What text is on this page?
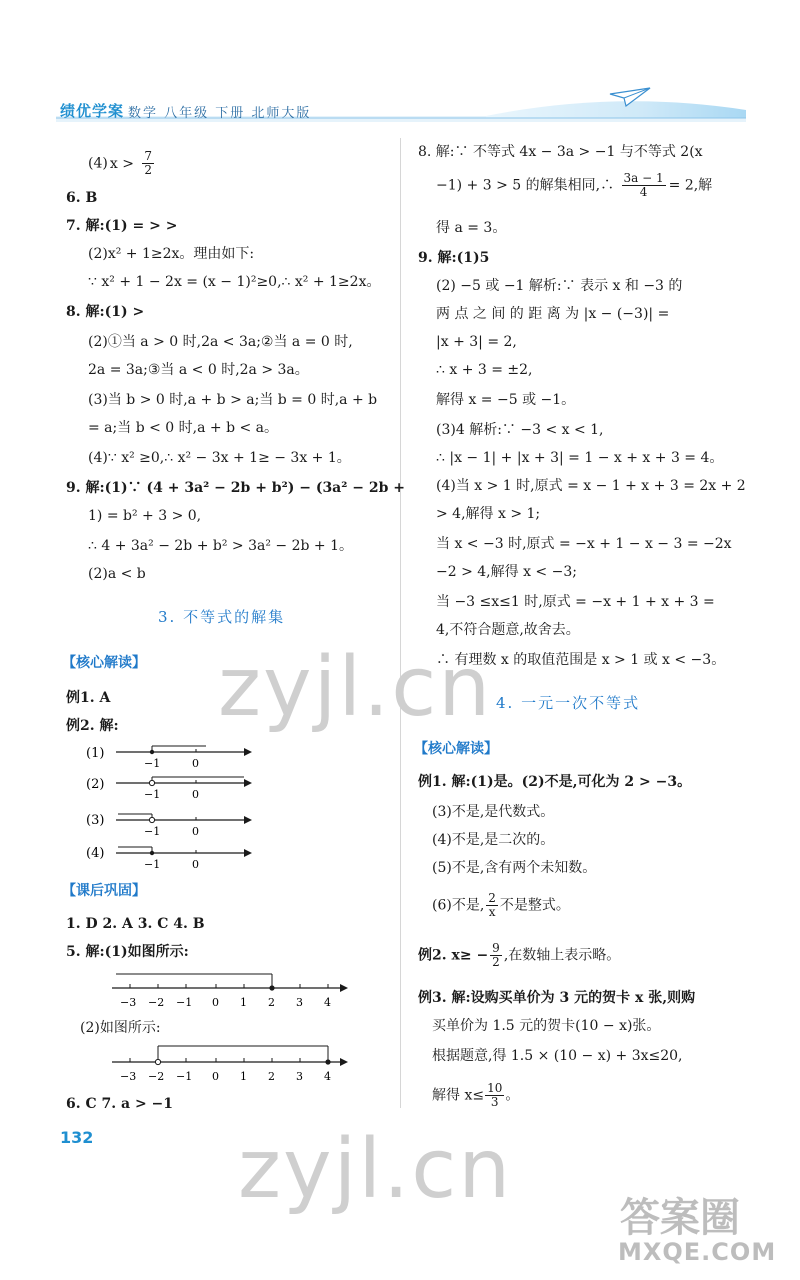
绩优学案 数学 八年级 下册 北师大版
(4) $x > \frac{7}{2}$
6. B
7. 解:(1) = > >
(2)x² + 1≥2x。理由如下:
∵ x² + 1 − 2x = (x − 1)²≥0,∴ x² + 1≥2x。
8. 解:(1) >
(2)①当 a > 0 时,2a < 3a;②当 a = 0 时,
2a = 3a;③当 a < 0 时,2a > 3a。
(3)当 b > 0 时,a + b > a;当 b = 0 时,a + b
= a;当 b < 0 时,a + b < a。
(4)∵ x² ≥0,∴ x² − 3x + 1≥ − 3x + 1。
9. 解:(1)∵ (4 + 3a² − 2b + b²) − (3a² − 2b +
1) = b² + 3 > 0,
∴ 4 + 3a² − 2b + b² > 3a² − 2b + 1。
(2)a < b
3. 不等式的解集
【核心解读】
例1. A
例2. 解:
(1)
−1	0
(2)
−1	0
(3)
−1	0
(4)
−1	0
【课后巩固】
1. D 2. A 3. C 4. B
5. 解:(1)如图所示:
−3 −2 −1 0 1 2 3 4
(2)如图所示:
−3 −2 −1 0 1 2 3 4
6. C 7. a > −1
8. 解:∵ 不等式 4x − 3a > −1 与不等式 2(x
−1) + 3 > 5 的解集相同,∴ $\frac{3a - 1}{4} = 2$,解
得 a = 3。
9. 解:(1)5
(2) −5 或 −1 解析:∵ 表示 x 和 −3 的
两 点 之 间 的 距 离 为 |x − (−3)| =
|x + 3| = 2,
∴ x + 3 = ±2,
解得 x = −5 或 −1。
(3)4 解析:∵ −3 < x < 1,
∴ |x − 1| + |x + 3| = 1 − x + x + 3 = 4。
(4)当 x > 1 时,原式 = x − 1 + x + 3 = 2x + 2
> 4,解得 x > 1;
当 x < −3 时,原式 = −x + 1 − x − 3 = −2x
−2 > 4,解得 x < −3;
当 −3 ≤x≤1 时,原式 = −x + 1 + x + 3 =
4,不符合题意,故舍去。
∴ 有理数 x 的取值范围是 x > 1 或 x < −3。
4. 一元一次不等式
【核心解读】
例1. 解:(1)是。(2)不是,可化为 2 > −3。
(3)不是,是代数式。
(4)不是,是二次的。
(5)不是,含有两个未知数。
(6)不是, $\frac{2}{x}$ 不是整式。
例2. $x\ge - \frac{9}{2}$ ,在数轴上表示略。
例3. 解:设购买单价为 3 元的贺卡 x 张,则购
买单价为 1.5 元的贺卡(10 − x)张。
根据题意,得 1.5 × (10 − x) + 3x≤20,
解得 $x\le \frac{10}{3}$ 。
132
zyjl.cn
zyjl.cn
答案圈
MXQE.COM
